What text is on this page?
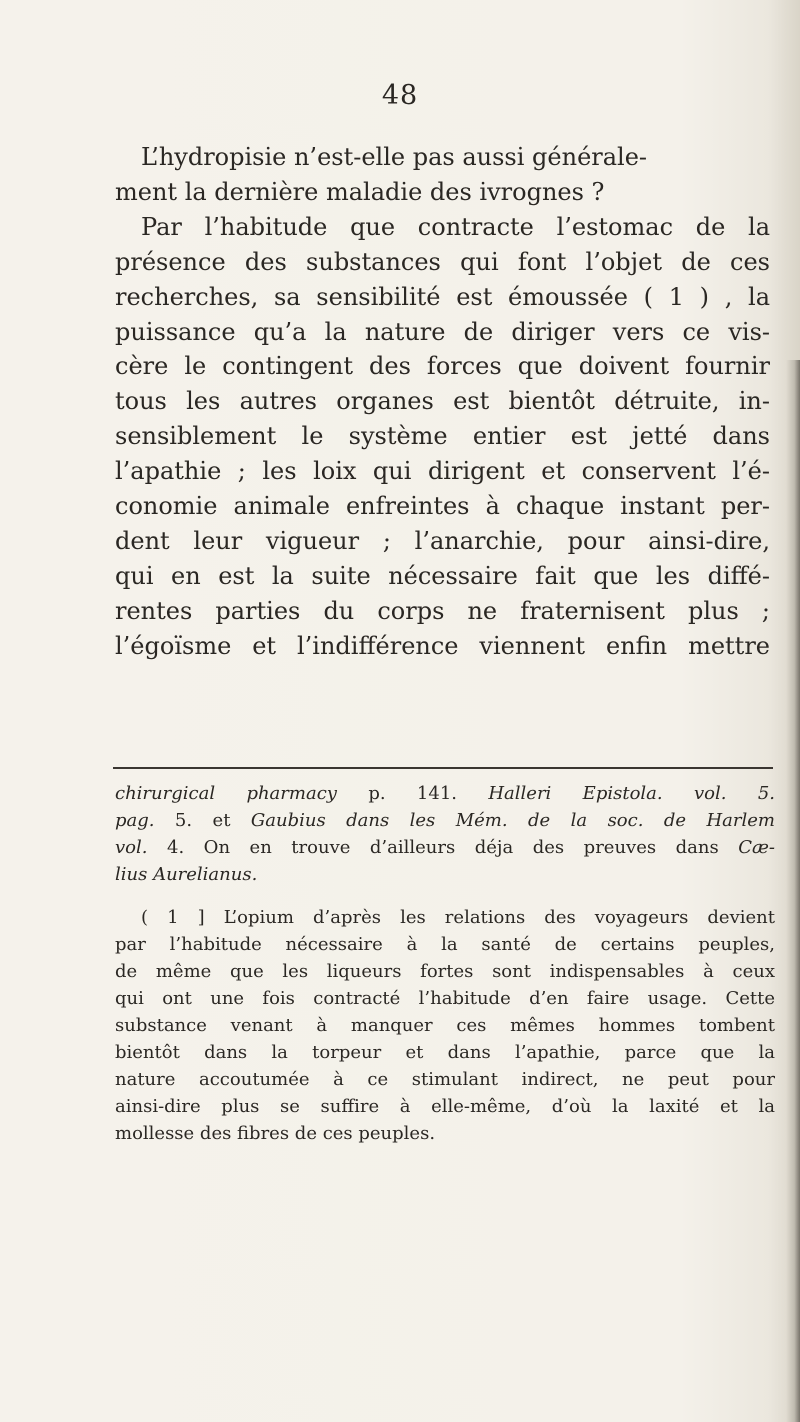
48

L’hydropisie n’est-elle pas aussi générale-
ment la dernière maladie des ivrognes ?
Par l’habitude que contracte l’estomac de la
présence des substances qui font l’objet de ces
recherches, sa sensibilité est émoussée ( 1 ) , la
puissance qu’a la nature de diriger vers ce vis-
cère le contingent des forces que doivent fournir
tous les autres organes est bientôt détruite, in-
sensiblement le système entier est jetté dans
l’apathie ; les loix qui dirigent et conservent l’é-
conomie animale enfreintes à chaque instant per-
dent leur vigueur ; l’anarchie, pour ainsi-dire,
qui en est la suite nécessaire fait que les diffé-
rentes parties du corps ne fraternisent plus ;
l’égoïsme et l’indifférence viennent enfin mettre
chirurgical pharmacy p. 141. Halleri Epistola. vol. 5.
pag. 5. et Gaubius dans les Mém. de la soc. de Harlem
vol. 4. On en trouve d’ailleurs déja des preuves dans Cæ-
lius Aurelianus.
( 1 ] L’opium d’après les relations des voyageurs devient
par l’habitude nécessaire à la santé de certains peuples,
de même que les liqueurs fortes sont indispensables à ceux
qui ont une fois contracté l’habitude d’en faire usage. Cette
substance venant à manquer ces mêmes hommes tombent
bientôt dans la torpeur et dans l’apathie, parce que la
nature accoutumée à ce stimulant indirect, ne peut pour
ainsi-dire plus se suffire à elle-même, d’où la laxité et la
mollesse des fibres de ces peuples.
